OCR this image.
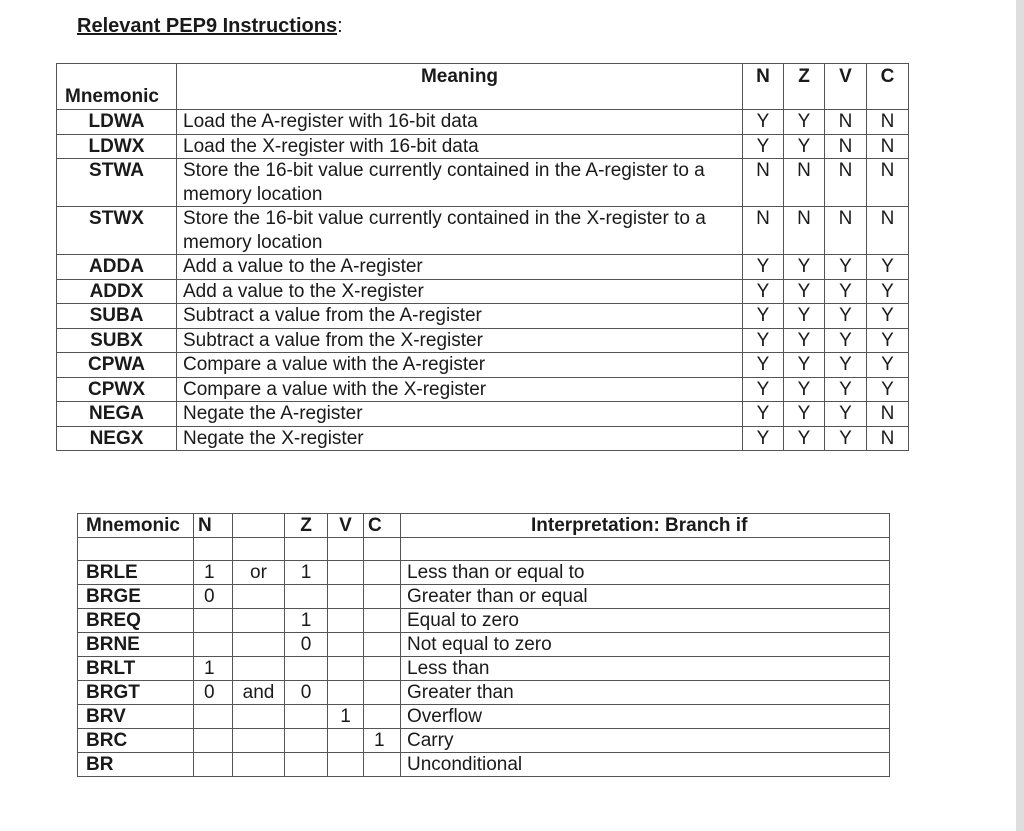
Relevant PEP9 Instructions:
Mnemonic	Meaning	N	Z	V	C
LDWA	Load the A-register with 16-bit data	Y	Y	N	N
LDWX	Load the X-register with 16-bit data	Y	Y	N	N
STWA	Store the 16-bit value currently contained in the A-register to a memory location	N	N	N	N
STWX	Store the 16-bit value currently contained in the X-register to a memory location	N	N	N	N
ADDA	Add a value to the A-register	Y	Y	Y	Y
ADDX	Add a value to the X-register	Y	Y	Y	Y
SUBA	Subtract a value from the A-register	Y	Y	Y	Y
SUBX	Subtract a value from the X-register	Y	Y	Y	Y
CPWA	Compare a value with the A-register	Y	Y	Y	Y
CPWX	Compare a value with the X-register	Y	Y	Y	Y
NEGA	Negate the A-register	Y	Y	Y	N
NEGX	Negate the X-register	Y	Y	Y	N
Mnemonic	N		Z	V	C	Interpretation: Branch if

BRLE	1	or	1			Less than or equal to
BRGE	0					Greater than or equal
BREQ			1			Equal to zero
BRNE			0			Not equal to zero
BRLT	1					Less than
BRGT	0	and	0			Greater than
BRV				1		Overflow
BRC					1	Carry
BR						Unconditional
